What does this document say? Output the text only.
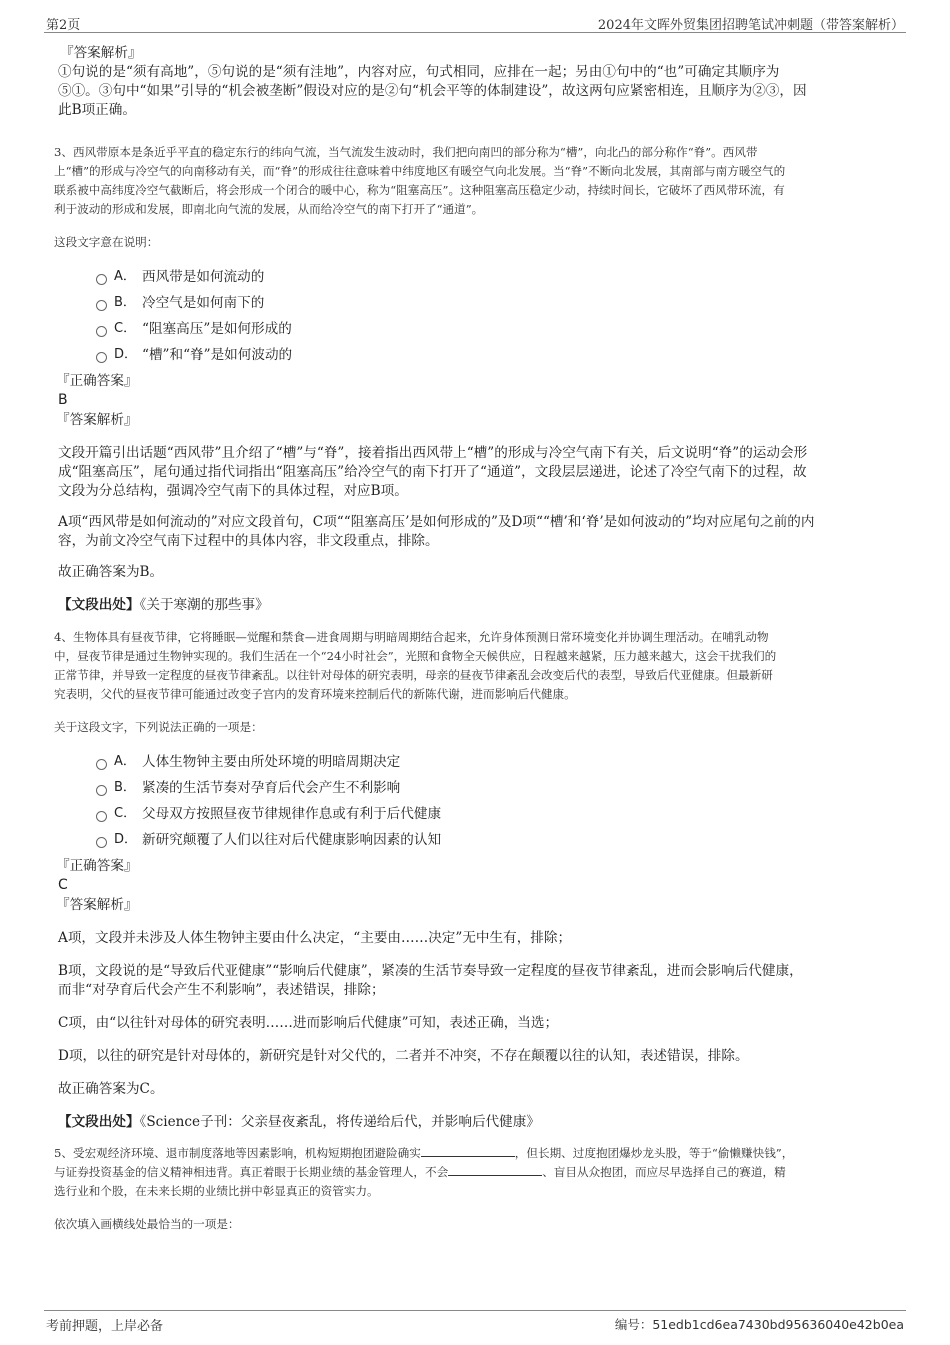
第2页	2024年文晖外贸集团招聘笔试冲刺题（带答案解析）

『答案解析』

①句说的是“须有高地”，⑤句说的是“须有洼地”，内容对应，句式相同，应排在一起；另由①句中的“也”可确定其顺序为

⑤①。③句中“如果”引导的“机会被垄断”假设对应的是②句“机会平等的体制建设”，故这两句应紧密相连，且顺序为②③，因

此B项正确。

3、西风带原本是条近乎平直的稳定东行的纬向气流，当气流发生波动时，我们把向南凹的部分称为“槽”，向北凸的部分称作“脊”。西风带

上“槽”的形成与冷空气的向南移动有关，而“脊”的形成往往意味着中纬度地区有暖空气向北发展。当“脊”不断向北发展，其南部与南方暖空气的

联系被中高纬度冷空气截断后，将会形成一个闭合的暖中心，称为“阻塞高压”。这种阻塞高压稳定少动，持续时间长，它破坏了西风带环流，有

利于波动的形成和发展，即南北向气流的发展，从而给冷空气的南下打开了“通道”。

这段文字意在说明：

A． 西风带是如何流动的
B． 冷空气是如何南下的
C． “阻塞高压”是如何形成的
D． “槽”和“脊”是如何波动的

『正确答案』

B

『答案解析』

文段开篇引出话题“西风带”且介绍了“槽”与“脊”，接着指出西风带上“槽”的形成与冷空气南下有关，后文说明“脊”的运动会形

成“阻塞高压”，尾句通过指代词指出“阻塞高压”给冷空气的南下打开了“通道”，文段层层递进，论述了冷空气南下的过程，故

文段为分总结构，强调冷空气南下的具体过程，对应B项。

A项“西风带是如何流动的”对应文段首句，C项““阻塞高压’是如何形成的”及D项““槽’和‘脊’是如何波动的”均对应尾句之前的内

容，为前文冷空气南下过程中的具体内容，非文段重点，排除。

故正确答案为B。

【文段出处】《关于寒潮的那些事》

4、生物体具有昼夜节律，它将睡眠—觉醒和禁食—进食周期与明暗周期结合起来，允许身体预测日常环境变化并协调生理活动。在哺乳动物

中，昼夜节律是通过生物钟实现的。我们生活在一个“24小时社会”，光照和食物全天候供应，日程越来越紧，压力越来越大，这会干扰我们的

正常节律，并导致一定程度的昼夜节律紊乱。以往针对母体的研究表明，母亲的昼夜节律紊乱会改变后代的表型，导致后代亚健康。但最新研

究表明，父代的昼夜节律可能通过改变子宫内的发育环境来控制后代的新陈代谢，进而影响后代健康。

关于这段文字，下列说法正确的一项是：

A． 人体生物钟主要由所处环境的明暗周期决定
B． 紧凑的生活节奏对孕育后代会产生不利影响
C． 父母双方按照昼夜节律规律作息或有利于后代健康
D． 新研究颠覆了人们以往对后代健康影响因素的认知

『正确答案』

C

『答案解析』

A项，文段并未涉及人体生物钟主要由什么决定，“主要由……决定”无中生有，排除；

B项，文段说的是“导致后代亚健康”“影响后代健康”，紧凑的生活节奏导致一定程度的昼夜节律紊乱，进而会影响后代健康，

而非“对孕育后代会产生不利影响”，表述错误，排除；

C项，由“以往针对母体的研究表明……进而影响后代健康”可知，表述正确，当选；

D项，以往的研究是针对母体的，新研究是针对父代的，二者并不冲突，不存在颠覆以往的认知，表述错误，排除。

故正确答案为C。

【文段出处】《Science子刊：父亲昼夜紊乱，将传递给后代，并影响后代健康》

5、受宏观经济环境、退市制度落地等因素影响，机构短期抱团避险确实	，但长期、过度抱团爆炒龙头股，等于“偷懒赚快钱”，

与证券投资基金的信义精神相违背。真正着眼于长期业绩的基金管理人，不会	、盲目从众抱团，而应尽早选择自己的赛道，精

选行业和个股，在未来长期的业绩比拼中彰显真正的资管实力。

依次填入画横线处最恰当的一项是：

考前押题，上岸必备	编号：51edb1cd6ea7430bd95636040e42b0ea
